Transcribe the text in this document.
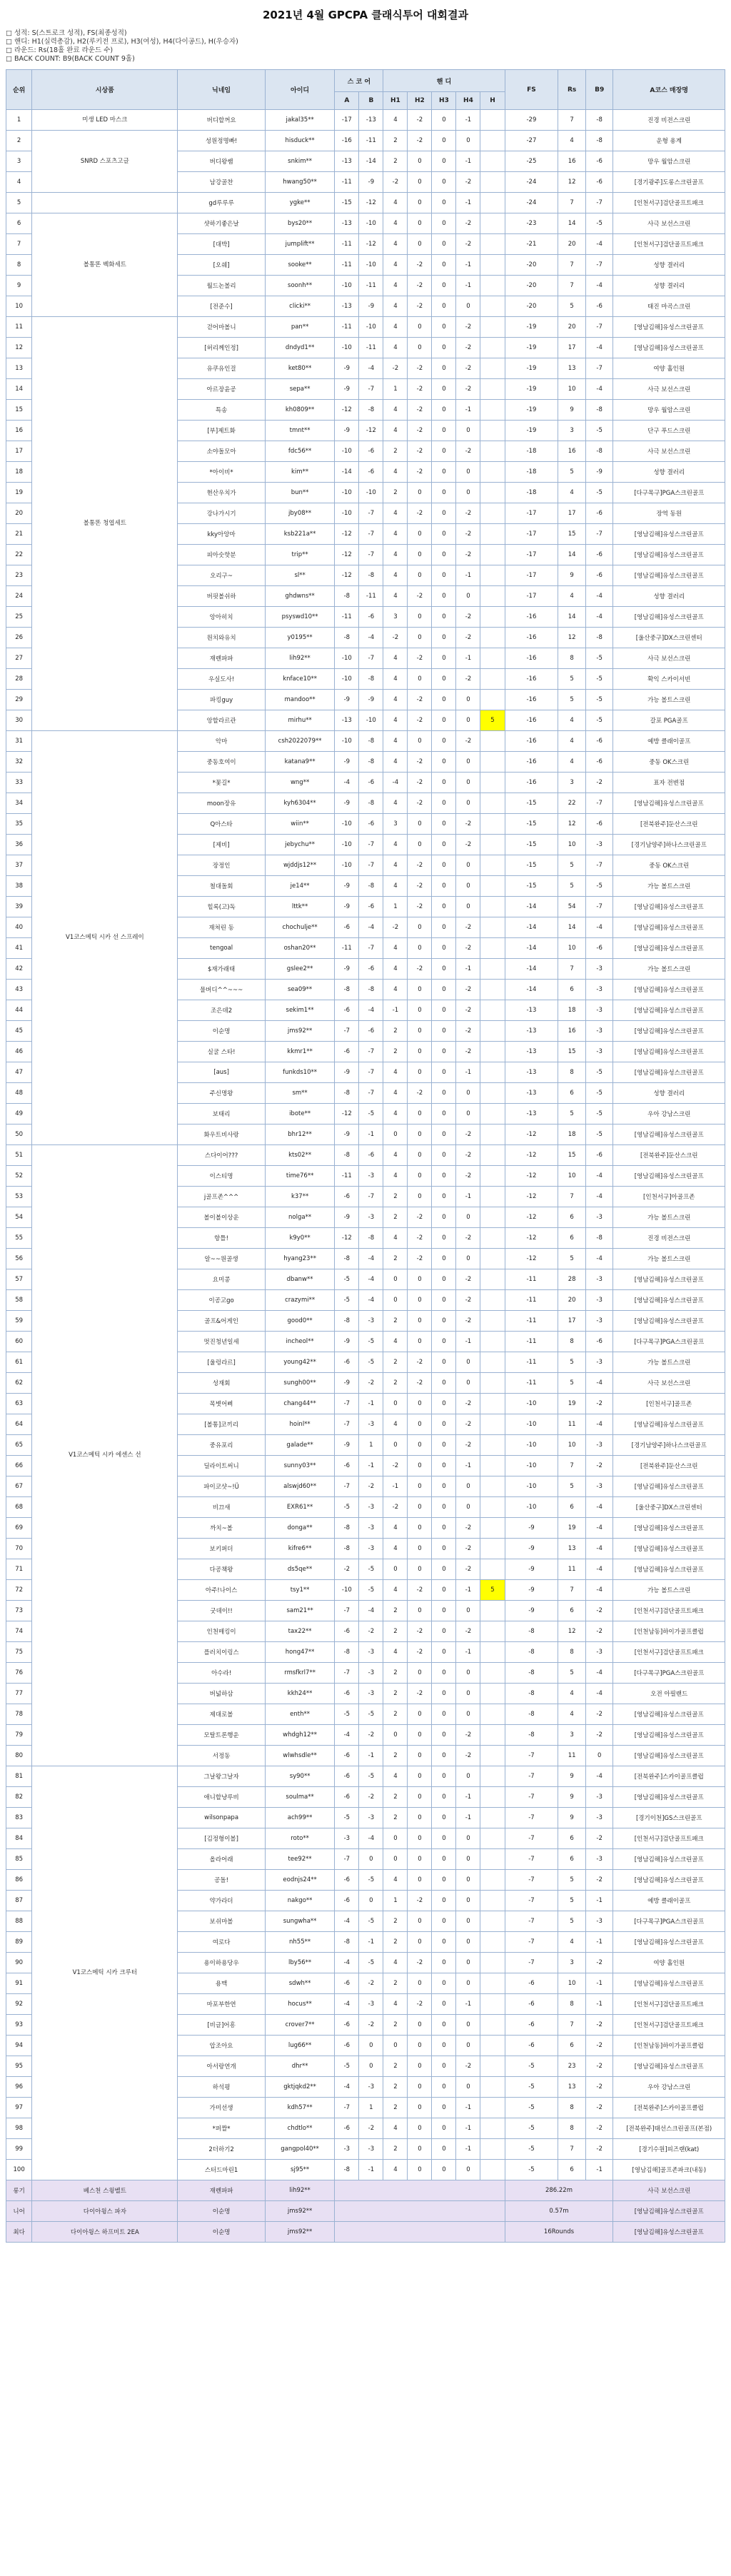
2021년 4월 GPCPA 클래식투어 대회결과
□ 성적: S(스트로크 성적), FS(최종성적)
□ 핸디: H1(실력총감), H2(루키전 프로), H3(여성), H4(다이공드), H(우승자)
□ 라운드: Rs(18홀 완료 라운드 수)
□ BACK COUNT: B9(BACK COUNT 9홀)
순위	시상품	닉네임	아이디	스 코 어		핸 디					FS	Rs	B9	A코스 매장명
				A	B	H1	H2	H3	H4	H				
1	미생 LED 마스크	버디할꺼요	jakal35**	-17	-13	4	-2	0	-1		-29	7	-8	진경 비전스크린
2	SNRD 스포츠고글	성원정명빠!	hisduck**	-16	-11	2	-2	0	0		-27	4	-8	운형 용계
3		버디왕쌤	snkim**	-13	-14	2	0	0	-1		-25	16	-6	망우 월암스크린
4		남강골찬	hwang50**	-11	-9	-2	0	0	-2		-24	12	-6	[경기광주]도롱스크린골프
5		gd루루루	ygke**	-15	-12	4	0	0	-1		-24	7	-7	[인천서구]검단골프트패크
6	볼통똔 벡화세트	샷하기좋은날	bys20**	-13	-10	4	0	0	-2		-23	14	-5	사극 보선스크린
7		[대박]	jumplift**	-11	-12	4	0	0	-2		-21	20	-4	[인천서구]검단골프트패크
8		[오쉐]	sooke**	-11	-10	4	-2	0	-1		-20	7	-7	성향 결러리
9		월드논볼리	soonh**	-10	-11	4	-2	0	-1		-20	7	-4	성향 결러리
10		[전준수]	clicki**	-13	-9	4	-2	0	0		-20	5	-6	태진 마곡스크린
11	볼통똔 청엽세트	걷어마볼니	pan**	-11	-10	4	0	0	-2		-19	20	-7	[영남김해]유성스크린골프
12		[허리께인정]	dndyd1**	-10	-11	4	0	0	-2		-19	17	-4	[영남김해]유성스크린골프
13		유쿠유인걸	ket80**	-9	-4	-2	-2	0	-2		-19	13	-7	여양 홀인원
14		아르장윤공	sepa**	-9	-7	1	-2	0	-2		-19	10	-4	사극 보선스크린
15		특송	kh0809**	-12	-8	4	-2	0	-1		-19	9	-8	망우 월암스크린
16		[부]제트화	tmnt**	-9	-12	4	-2	0	0		-19	3	-5	단구 푸드스크린
17		소야돌모아	fdc56**	-10	-6	2	-2	0	-2		-18	16	-8	사극 보선스크린
18		*아이비*	kim**	-14	-6	4	-2	0	0		-18	5	-9	성향 결러리
19		현산우치가	bun**	-10	-10	2	0	0	0		-18	4	-5	[다구목구]PGA스크린골프
20		강나가시기	jby08**	-10	-7	4	-2	0	-2		-17	17	-6	장역 동원
21		kky아앙마	ksb221a**	-12	-7	4	0	0	-2		-17	15	-7	[영남김해]유성스크린골프
22		피아숫핫분	trip**	-12	-7	4	0	0	-2		-17	14	-6	[영남김해]유성스크린골프
23		오리구~	sl**	-12	-8	4	0	0	-1		-17	9	-6	[영남김해]유성스크린골프
24		버핏볼쉬하	ghdwns**	-8	-11	4	-2	0	0		-17	4	-4	성향 결러리
25		앙아히치	psyswd10**	-11	-6	3	0	0	-2		-16	14	-4	[영남김해]유성스크린골프
26		원치와유치	y0195**	-8	-4	-2	0	0	-2		-16	12	-8	[울산중구]DX스크린센터
27		재렌파파	lih92**	-10	-7	4	-2	0	-1		-16	8	-5	사극 보선스크린
28		우실도사!	knface10**	-10	-8	4	0	0	-2		-16	5	-5	확익 스카이서빈
29		파킹guy	mandoo**	-9	-9	4	-2	0	0		-16	5	-5	가능 볼트스크린
30		앙할라르관	mirhu**	-13	-10	4	-2	0	0	5	-16	4	-5	갈포 PGA골프
31	V1코스메틱 시카 선 스프레이	악마	csh2022079**	-10	-8	4	0	0	-2		-16	4	-6	예방 클래이골프
32		중동호여이	katana9**	-9	-8	4	-2	0	0		-16	4	-6	중동 OK스크린
33		*꽃길*	wng**	-4	-6	-4	-2	0	0		-16	3	-2	표자 전변점
34		moon장유	kyh6304**	-9	-8	4	-2	0	0		-15	22	-7	[영남김해]유성스크린골프
35		Q아스타	wiin**	-10	-6	3	0	0	-2		-15	12	-6	[전북완주]둔산스크린
36		[제비]	jebychu**	-10	-7	4	0	0	-2		-15	10	-3	[경기남양주]하나스크린골프
37		장정인	wjddjs12**	-10	-7	4	-2	0	0		-15	5	-7	중동 OK스크린
38		철대돌회	je14**	-9	-8	4	-2	0	0		-15	5	-5	가능 볼트스크린
39		힐록(고)독	lttk**	-9	-6	1	-2	0	0		-14	54	-7	[영남김해]유성스크린골프
40		재쳐린 동	chochulje**	-6	-4	-2	0	0	-2		-14	14	-4	[영남김해]유성스크린골프
41		tengoal	oshan20**	-11	-7	4	0	0	-2		-14	10	-6	[영남김해]유성스크린골프
42		$재가래태	gslee2**	-9	-6	4	-2	0	-1		-14	7	-3	가능 볼트스크린
43		물버디^^~~~	sea09**	-8	-8	4	0	0	-2		-14	6	-3	[영남김해]유성스크린골프
44		조은데2	sekim1**	-6	-4	-1	0	0	-2		-13	18	-3	[영남김해]유성스크린골프
45		이순명	jms92**	-7	-6	2	0	0	-2		-13	16	-3	[영남김해]유성스크린골프
46		실굴 스타!	kkmr1**	-6	-7	2	0	0	-2		-13	15	-3	[영남김해]유성스크린골프
47		[aus]	funkds10**	-9	-7	4	0	0	-1		-13	8	-5	[영남김해]유성스크린골프
48		주신명왕	sm**	-8	-7	4	-2	0	0		-13	6	-5	성향 결러리
49		보태리	ibote**	-12	-5	4	0	0	0		-13	5	-5	우아 강남스크린
50		화우트비사랑	bhr12**	-9	-1	0	0	0	-2		-12	18	-5	[영남김해]유성스크린골프
51	V1코스메틱 시카 에센스 선	스다이어???	kts02**	-8	-6	4	0	0	-2		-12	15	-6	[전북완주]둔산스크린
52		이스티명	time76**	-11	-3	4	0	0	-2		-12	10	-4	[영남김해]유성스크린골프
53		j골프존^^^	k37**	-6	-7	2	0	0	-1		-12	7	-4	[인천서구]아골프존
54		볼이볼이상운	nolga**	-9	-3	2	-2	0	0		-12	6	-3	가능 볼트스크린
55		항틀!	k9y0**	-12	-8	4	-2	0	-2		-12	6	-8	진경 비전스크린
56		알~~원골생	hyang23**	-8	-4	2	-2	0	0		-12	5	-4	가능 볼트스크린
57		요미콩	dbanw**	-5	-4	0	0	0	-2		-11	28	-3	[영남김해]유성스크린골프
58		이공고go	crazymi**	-5	-4	0	0	0	-2		-11	20	-3	[영남김해]유성스크린골프
59		골프&어게인	good0**	-8	-3	2	0	0	-2		-11	17	-3	[영남김해]유성스크린골프
60		멋진청년일세	incheol**	-9	-5	4	0	0	-1		-11	8	-6	[다구목구]PGA스크린골프
61		[울렁라르]	young42**	-6	-5	2	-2	0	0		-11	5	-3	가능 볼트스크린
62		성재회	sungh00**	-9	-2	2	-2	0	0		-11	5	-4	사극 보선스크린
63		목볏어삐	chang44**	-7	-1	0	0	0	-2		-10	19	-2	[인천서구]골프존
64		[볼통]코끼리	hoinl**	-7	-3	4	0	0	-2		-10	11	-4	[영남김해]유성스크린골프
65		중유포리	galade**	-9	1	0	0	0	-2		-10	10	-3	[경기남양주]하나스크린골프
66		딜라이트써니	sunny03**	-6	-1	-2	0	0	-1		-10	7	-2	[전북완주]둔산스크린
67		파이코샷~!Ü	alswjd60**	-7	-2	-1	0	0	0		-10	5	-3	[영남김해]유성스크린골프
68		비끄새	EXR61**	-5	-3	-2	0	0	0		-10	6	-4	[울산중구]DX스크린센터
69		까치~볼	donga**	-8	-3	4	0	0	-2		-9	19	-4	[영남김해]유성스크린골프
70		보키퍼더	kifre6**	-8	-3	4	0	0	-2		-9	13	-4	[영남김해]유성스크린골프
71		다공책왕	ds5qe**	-2	-5	0	0	0	-2		-9	11	-4	[영남김해]유성스크린골프
72		아주!나이스	tsy1**	-10	-5	4	-2	0	-1	5	-9	7	-4	가능 볼트스크린
73		굿데이!!	sam21**	-7	-4	2	0	0	0		-9	6	-2	[인천서구]검단골프트패크
74		인천매킹이	tax22**	-6	-2	2	-2	0	-2		-8	12	-2	[인천남동]하이가골프클럽
75		플러치이링스	hong47**	-8	-3	4	-2	0	-1		-8	8	-3	[인천서구]검단골프트패크
76		아수라!	rmsfkrl7**	-7	-3	2	0	0	0		-8	5	-4	[다구목구]PGA스크린골프
77		버넓하삼	kkh24**	-6	-3	2	-2	0	0		-8	4	-4	오전 아필랜드
78		제대로볼	enth**	-5	-5	2	0	0	0		-8	4	-2	[영남김해]유성스크린골프
79		모탈트론행운	whdgh12**	-4	-2	0	0	0	-2		-8	3	-2	[영남김해]유성스크린골프
80		서정동	wlwhsdle**	-6	-1	2	0	0	-2		-7	11	0	[영남김해]유성스크린골프
81	V1코스메틱 시카 크루터	그날왕그날자	sy90**	-6	-5	4	0	0	0		-7	9	-4	[전북완주]스카이골프클럽
82		애니할냥루비	soulma**	-6	-2	2	0	0	-1		-7	9	-3	[영남김해]유성스크린골프
83		wilsonpapa	ach99**	-5	-3	2	0	0	-1		-7	9	-3	[경기이천]GS스크린골프
84		[김정형이볼]	roto**	-3	-4	0	0	0	0		-7	6	-2	[인천서구]검단골프트패크
85		올라어래	tee92**	-7	0	0	0	0	0		-7	6	-3	[영남김해]유성스크린골프
86		공돌!	eodnjs24**	-6	-5	4	0	0	0		-7	5	-2	[영남김해]유성스크린골프
87		약가라더	nakgo**	-6	0	1	-2	0	0		-7	5	-1	예방 클래이골프
88		보쉬마볼	sungwha**	-4	-5	2	0	0	0		-7	5	-3	[다구목구]PGA스크린골프
89		여로다	nh55**	-8	-1	2	0	0	0		-7	4	-1	[영남김해]유성스크린골프
90		용이하용당우	lby56**	-4	-5	4	-2	0	0		-7	3	-2	여양 홀인원
91		용맥	sdwh**	-6	-2	2	0	0	0		-6	10	-1	[영남김해]유성스크린골프
92		마포부한연	hocus**	-4	-3	4	-2	0	-1		-6	8	-1	[인천서구]검단골프트패크
93		[비글]어흥	crover7**	-6	-2	2	0	0	0		-6	7	-2	[인천서구]검단골프트패크
94		압조아요	lug66**	-6	0	0	0	0	0		-6	6	-2	[인천남동]하이가골프클럽
95		아서랑연개	dhr**	-5	0	2	0	0	-2		-5	23	-2	[영남김해]유성스크린골프
96		하석평	gktjqkd2**	-4	-3	2	0	0	0		-5	13	-2	우아 강남스크린
97		가미선생	kdh57**	-7	1	2	0	0	-1		-5	8	-2	[전북완주]스카이골프클럽
98		*퍼짤*	chdtlo**	-6	-2	4	0	0	-1		-5	8	-2	[전북완주]태선스크린골프(본점)
99		2더하기2	gangpol40**	-3	-3	2	0	0	-1		-5	7	-2	[경기수원]피즈랜(kat)
100		스터드마린1	sj95**	-8	-1	4	0	0	0		-5	6	-1	[영남김해]골프존파크(내동)
롱기	베스천 스윙벨트	재렌파파	lih92**								286.22m			사극 보선스크린
니어	다이아윙스 파자	이순명	jms92**								0.57m			[영남김해]유성스크린골프
최다	다이아윙스 하프미트 2EA	이순명	jms92**								16Rounds			[영남김해]유성스크린골프
